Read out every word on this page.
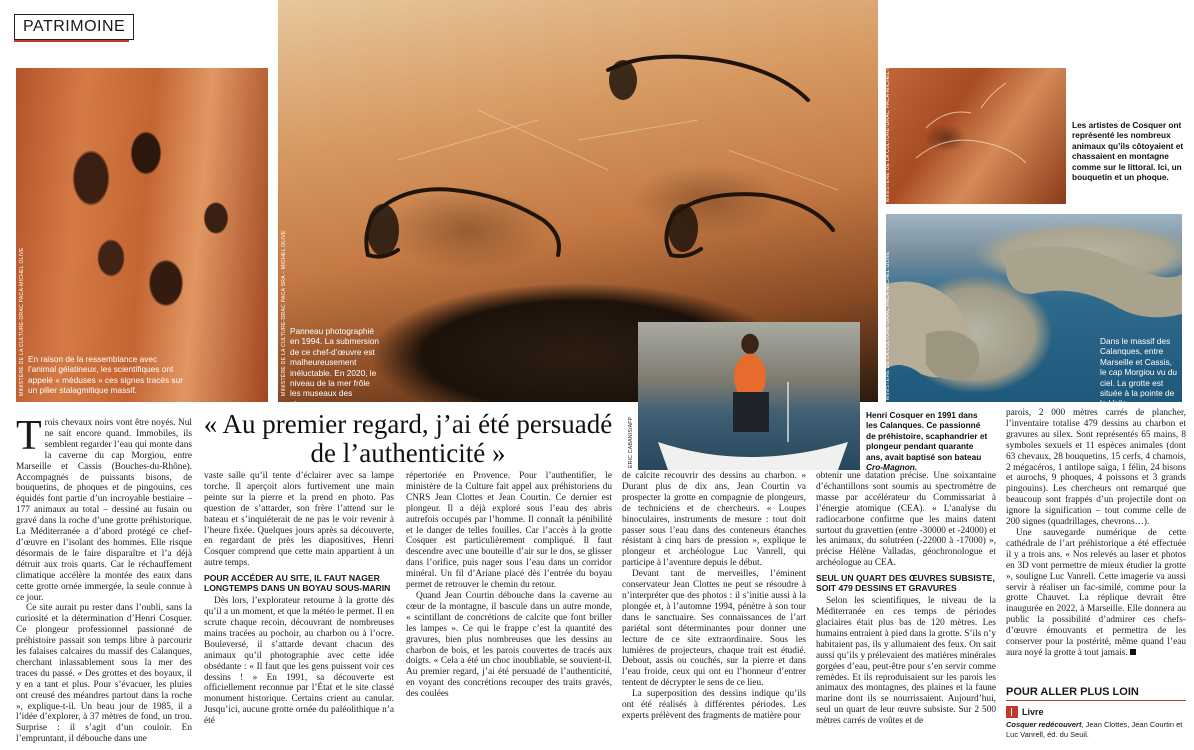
PATRIMOINE
En raison de la ressemblance avec l’animal gélatineux, les scientifiques ont appelé « méduses » ces signes tracés sur un pilier stalagmitique massif.
MINISTÈRE DE LA CULTURE-DRAC PACA-MICHEL OLIVE	Panneau photographié en 1994. La submersion de ce chef-d’œuvre est malheureusement inéluctable. En 2020, le niveau de la mer frôle les museaux des chevaux.
MINISTÈRE DE LA CULTURE-DRAC PACA SRA – MICHEL OLIVE
MINISTÈRE DE LA CULTURE-DRAC PACA-MICHEL OLIVE	Les artistes de Cosquer ont représenté les nombreux animaux qu’ils côtoyaient et chassaient en montagne comme sur le littoral. Ici, un bouquetin et un phoque.
Dans le massif des Calanques, entre Marseille et Cassis, le cap Morgiou vu du ciel. La grotte est située à la pointe de la Voile.
MINISTÈRE DE LA CULTURE-DRAC PACA-MICHEL OLIVE
ÉRIC CABANIS/AFP
Henri Cosquer en 1991 dans les Calanques. Ce passionné de préhistoire, scaphandrier et plongeur pendant quarante ans, avait baptisé son bateau Cro-Magnon.
« Au premier regard, j’ai été persuadé de l’authenticité »

Trois chevaux noirs vont être noyés. Nul ne sait encore quand. Immobiles, ils semblent regarder l’eau qui monte dans la caverne du cap Morgiou, entre Marseille et Cassis (Bouches-du-Rhône). Accompagnés de puissants bisons, de bouquetins, de phoques et de pingouins, ces équidés font partie d’un incroyable bestiaire – 177 animaux au total – dessiné au fusain ou gravé dans la roche d’une grotte préhistorique. La Méditerranée a d’abord protégé ce chef-d’œuvre en l’isolant des hommes. Elle risque désormais de le faire disparaître et l’a déjà détruit aux trois quarts. Car le réchauffement climatique accélère la montée des eaux dans cette grotte ornée immergée, la seule connue à ce jour.

Ce site aurait pu rester dans l’oubli, sans la curiosité et la détermination d’Henri Cosquer. Ce plongeur professionnel passionné de préhistoire passait son temps libre à parcourir les falaises calcaires du massif des Calanques, cherchant inlassablement sous la mer des traces du passé. « Des grottes et des boyaux, il y en a tant et plus. Pour s’évacuer, les pluies ont creusé des méandres partout dans la roche », explique-t-il. Un beau jour de 1985, il a l’idée d’explorer, à 37 mètres de fond, un trou. Surprise : il s’agit d’un couloir. En l’empruntant, il débouche dans une

vaste salle qu’il tente d’éclairer avec sa lampe torche. Il aperçoit alors furtivement une main peinte sur la pierre et la prend en photo. Pas question de s’attarder, son frère l’attend sur le bateau et s’inquiéterait de ne pas le voir revenir à l’heure fixée. Quelques jours après sa découverte, en regardant de près les diapositives, Henri Cosquer comprend que cette main appartient à un autre temps.

POUR ACCÉDER AU SITE, IL FAUT NAGER LONGTEMPS DANS UN BOYAU SOUS-MARIN

Dès lors, l’explorateur retourne à la grotte dès qu’il a un moment, et que la météo le permet. Il en scrute chaque recoin, découvrant de nombreuses mains tracées au pochoir, au charbon ou à l’ocre. Bouleversé, il s’attarde devant chacun des animaux qu’il photographie avec cette idée obsédante : « Il faut que les gens puissent voir ces dessins ! » En 1991, sa découverte est officiellement reconnue par l’État et le site classé monument historique. Certains crient au canular. Jusqu’ici, aucune grotte ornée du paléolithique n’a été

répertoriée en Provence. Pour l’authentifier, le ministère de la Culture fait appel aux préhistoriens du CNRS Jean Clottes et Jean Courtin. Ce dernier est plongeur. Il a déjà exploré sous l’eau des abris autrefois occupés par l’homme. Il connaît la pénibilité et le danger de telles fouilles. Car l’accès à la grotte Cosquer est particulièrement compliqué. Il faut descendre avec une bouteille d’air sur le dos, se glisser dans l’orifice, puis nager sous l’eau dans un corridor minéral. Un fil d’Ariane placé dès l’entrée du boyau permet de retrouver le chemin du retour.

Quand Jean Courtin débouche dans la caverne au cœur de la montagne, il bascule dans un autre monde, « scintillant de concrétions de calcite que font briller les lampes ». Ce qui le frappe c’est la quantité des gravures, bien plus nombreuses que les dessins au charbon de bois, et les parois couvertes de tracés aux doigts. « Cela a été un choc inoubliable, se souvient-il. Au premier regard, j’ai été persuadé de l’authenticité, en voyant des concrétions recouper des traits gravés, des coulées

de calcite recouvrir des dessins au charbon. » Durant plus de dix ans, Jean Courtin va prospecter la grotte en compagnie de plongeurs, de techniciens et de chercheurs. « Loupes binoculaires, instruments de mesure : tout doit passer sous l’eau dans des conteneurs étanches résistant à cinq bars de pression », explique le plongeur et archéologue Luc Vanrell, qui participe à l’aventure depuis le début.

Devant tant de merveilles, l’éminent conservateur Jean Clottes ne peut se résoudre à n’interpréter que des photos : il s’initie aussi à la plongée et, à l’automne 1994, pénètre à son tour dans le sanctuaire. Ses connaissances de l’art pariétal sont déterminantes pour donner une lecture de ce site extraordinaire. Sous les lumières de projecteurs, chaque trait est étudié. Debout, assis ou couchés, sur la pierre et dans l’eau froide, ceux qui ont eu l’honneur d’entrer tentent de décrypter le sens de ce lieu.

La superposition des dessins indique qu’ils ont été réalisés à différentes périodes. Les experts prélèvent des fragments de matière pour

obtenir une datation précise. Une soixantaine d’échantillons sont soumis au spectromètre de masse par accélérateur du Commissariat à l’énergie atomique (CEA). « L’analyse du radiocarbone confirme que les mains datent surtout du gravettien (entre -30000 et -24000) et les animaux, du solutréen (-22000 à -17000) », précise Hélène Valladas, géochronologue et archéologue au CEA.

SEUL UN QUART DES ŒUVRES SUBSISTE, SOIT 479 DESSINS ET GRAVURES

Selon les scientifiques, le niveau de la Méditerranée en ces temps de périodes glaciaires était plus bas de 120 mètres. Les humains entraient à pied dans la grotte. S’ils n’y habitaient pas, ils y allumaient des feux. On sait aussi qu’ils y prélevaient des matières minérales gorgées d’eau, peut-être pour s’en servir comme remèdes. Et ils reproduisaient sur les parois les animaux des montagnes, des plaines et la faune marine dont ils se nourrissaient. Aujourd’hui, seul un quart de leur œuvre subsiste. Sur 2 500 mètres carrés de voûtes et de

parois, 2 000 mètres carrés de plancher, l’inventaire totalise 479 dessins au charbon et gravures au silex. Sont représentés 65 mains, 8 symboles sexuels et 11 espèces animales (dont 63 chevaux, 28 bouquetins, 15 cerfs, 4 chamois, 2 mégacéros, 1 antilope saïga, 1 félin, 24 bisons et aurochs, 9 phoques, 4 poissons et 3 grands pingouins). Les chercheurs ont remarqué que beaucoup sont frappés d’un projectile dont on ignore la signification – tout comme celle de 200 signes (quadrillages, chevrons…).

Une sauvegarde numérique de cette cathédrale de l’art préhistorique a été effectuée il y a trois ans. « Nos relevés au laser et photos en 3D vont permettre de mieux étudier la grotte », souligne Luc Vanrell. Cette imagerie va aussi servir à réaliser un fac-similé, comme pour la grotte Chauvet. La réplique devrait être inaugurée en 2022, à Marseille. Elle donnera au public la possibilité d’admirer ces chefs-d’œuvre émouvants et permettra de les conserver pour la postérité, même quand l’eau aura noyé la grotte à tout jamais.

POUR ALLER PLUS LOIN
Livre
Cosquer redécouvert, Jean Clottes, Jean Courtin et Luc Vanrell, éd. du Seuil.
